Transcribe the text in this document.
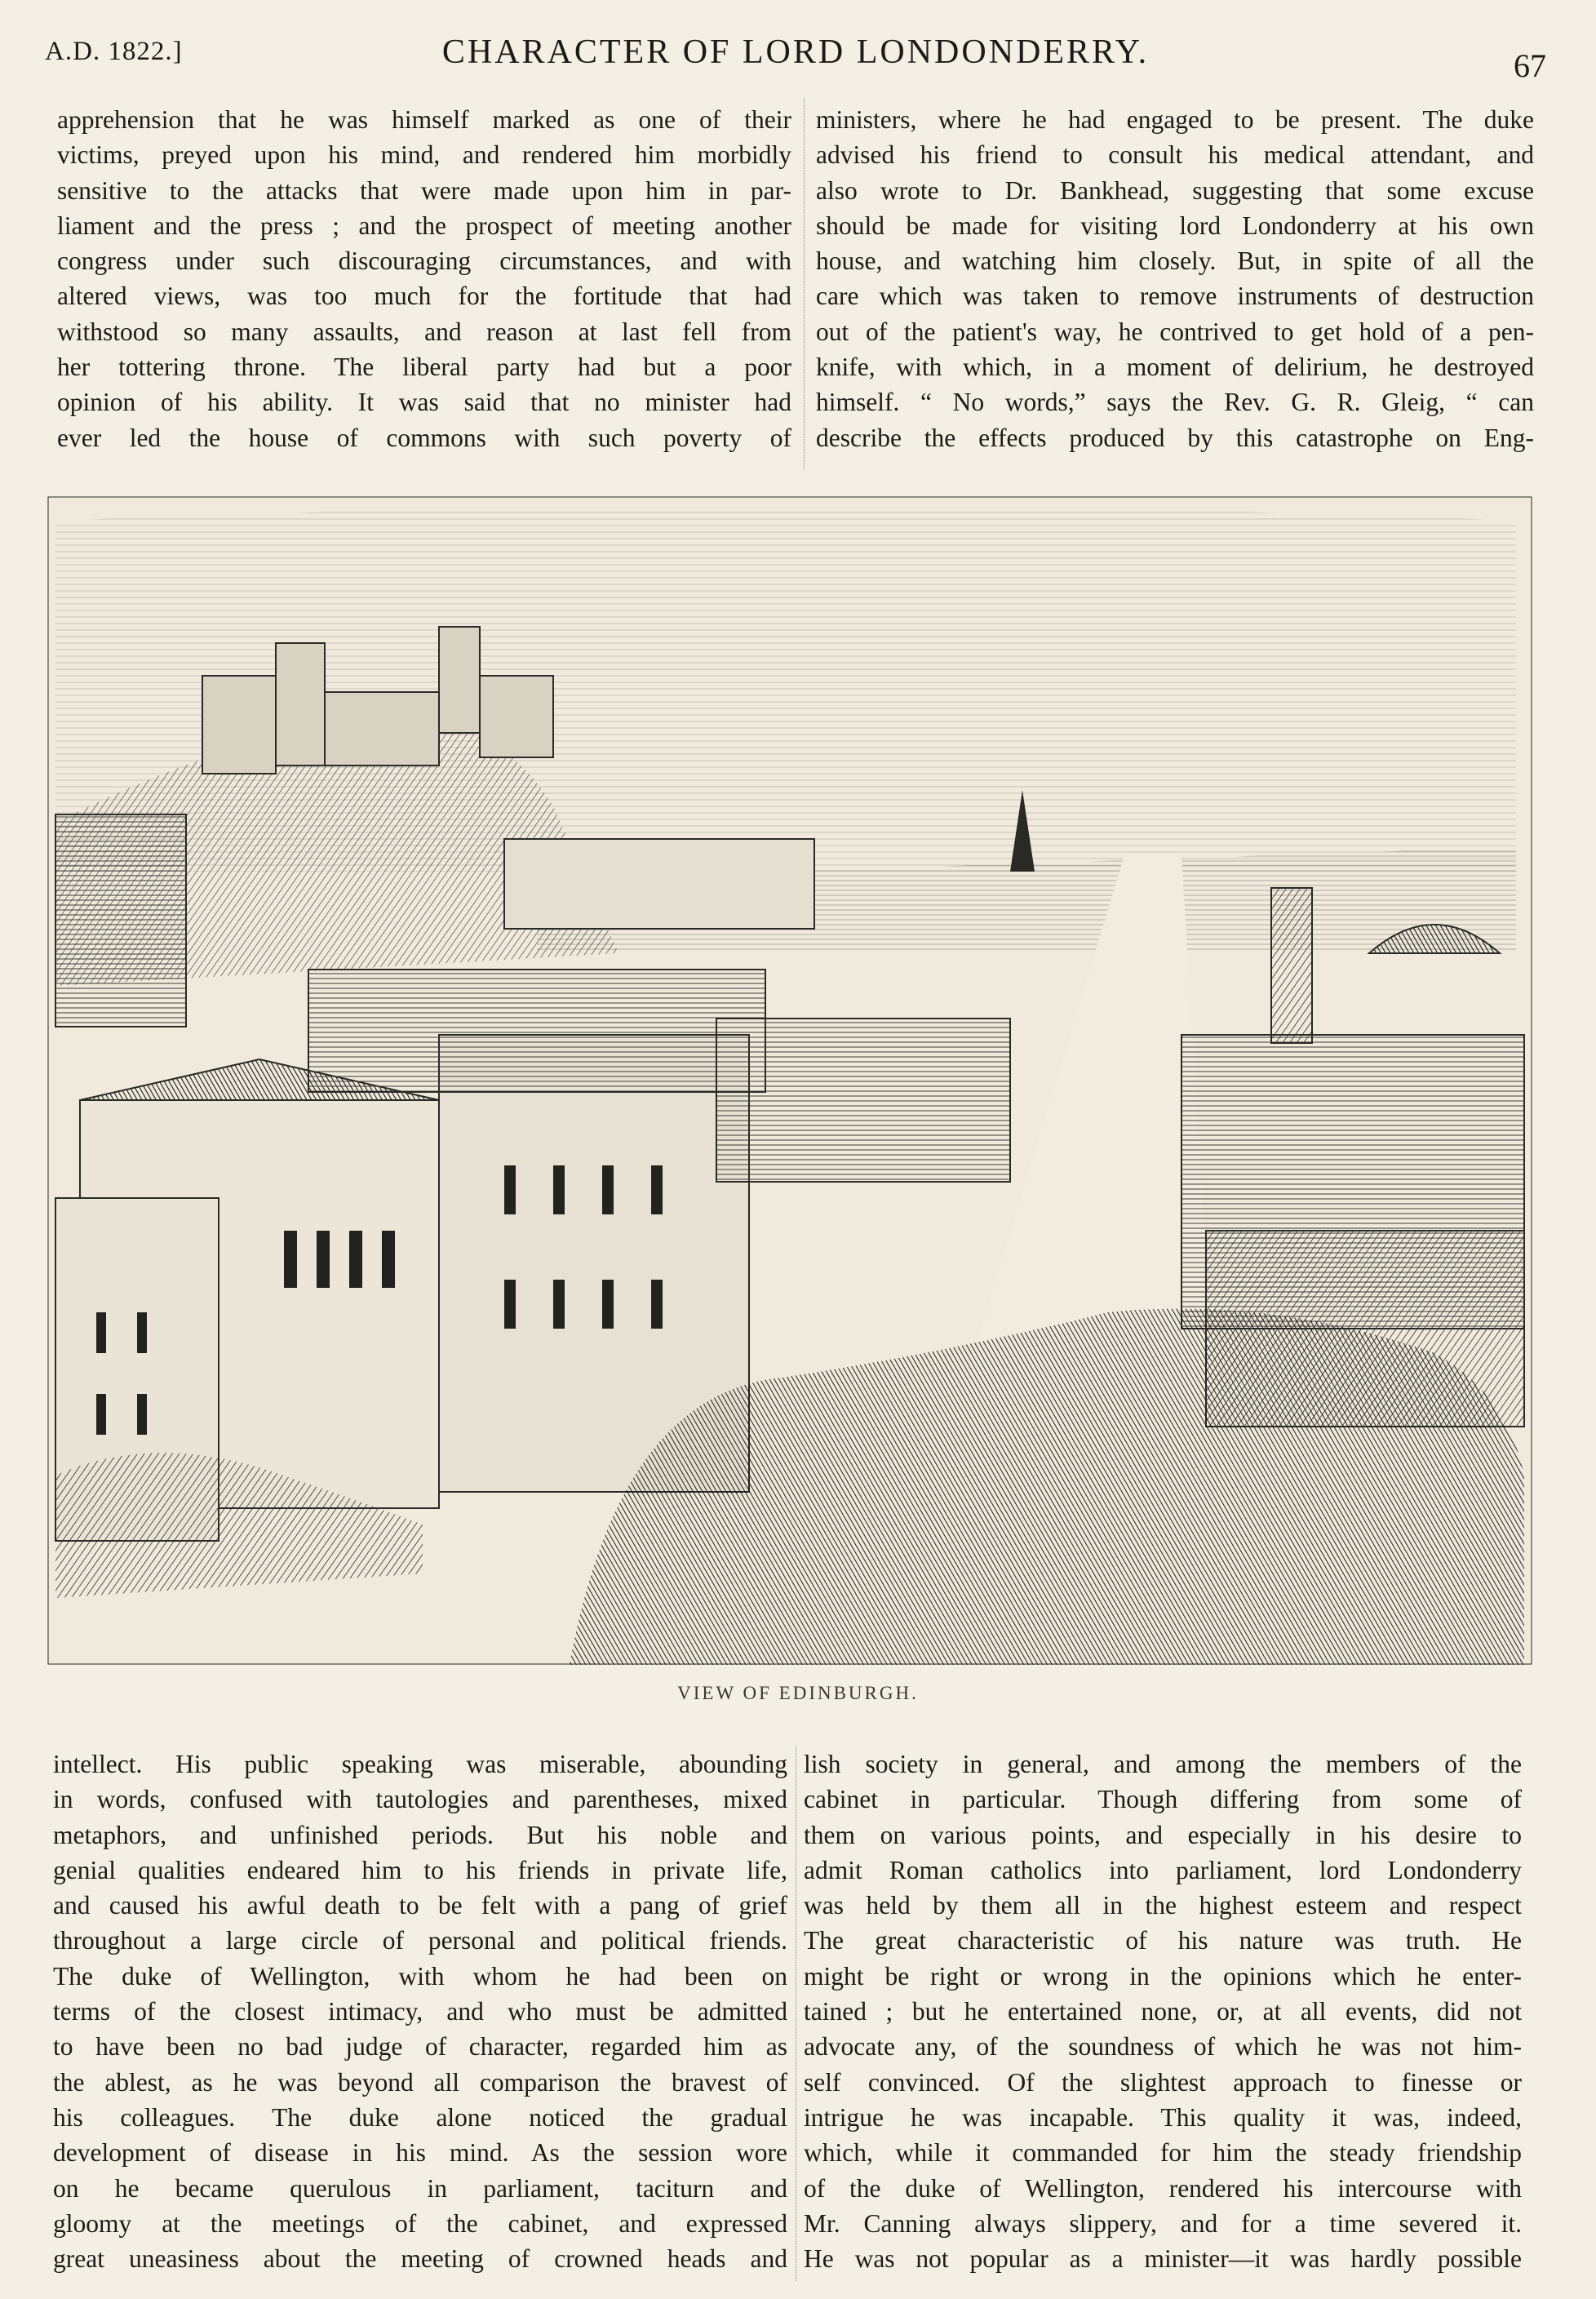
A.D. 1822.]	CHARACTER OF LORD LONDONDERRY.	67
apprehension that he was himself marked as one of their
victims, preyed upon his mind, and rendered him morbidly
sensitive to the attacks that were made upon him in par-
liament and the press ; and the prospect of meeting another
congress under such discouraging circumstances, and with
altered views, was too much for the fortitude that had
withstood so many assaults, and reason at last fell from
her tottering throne. The liberal party had but a poor
opinion of his ability. It was said that no minister had
ever led the house of commons with such poverty of
ministers, where he had engaged to be present. The duke
advised his friend to consult his medical attendant, and
also wrote to Dr. Bankhead, suggesting that some excuse
should be made for visiting lord Londonderry at his own
house, and watching him closely. But, in spite of all the
care which was taken to remove instruments of destruction
out of the patient's way, he contrived to get hold of a pen-
knife, with which, in a moment of delirium, he destroyed
himself. “ No words,” says the Rev. G. R. Gleig, “ can
describe the effects produced by this catastrophe on Eng-
VIEW OF EDINBURGH.
intellect. His public speaking was miserable, abounding
in words, confused with tautologies and parentheses, mixed
metaphors, and unfinished periods. But his noble and
genial qualities endeared him to his friends in private life,
and caused his awful death to be felt with a pang of grief
throughout a large circle of personal and political friends.
The duke of Wellington, with whom he had been on
terms of the closest intimacy, and who must be admitted
to have been no bad judge of character, regarded him as
the ablest, as he was beyond all comparison the bravest of
his colleagues. The duke alone noticed the gradual
development of disease in his mind. As the session wore
on he became querulous in parliament, taciturn and
gloomy at the meetings of the cabinet, and expressed
great uneasiness about the meeting of crowned heads and
lish society in general, and among the members of the
cabinet in particular. Though differing from some of
them on various points, and especially in his desire to
admit Roman catholics into parliament, lord Londonderry
was held by them all in the highest esteem and respect
The great characteristic of his nature was truth. He
might be right or wrong in the opinions which he enter-
tained ; but he entertained none, or, at all events, did not
advocate any, of the soundness of which he was not him-
self convinced. Of the slightest approach to finesse or
intrigue he was incapable. This quality it was, indeed,
which, while it commanded for him the steady friendship
of the duke of Wellington, rendered his intercourse with
Mr. Canning always slippery, and for a time severed it.
He was not popular as a minister—it was hardly possible
